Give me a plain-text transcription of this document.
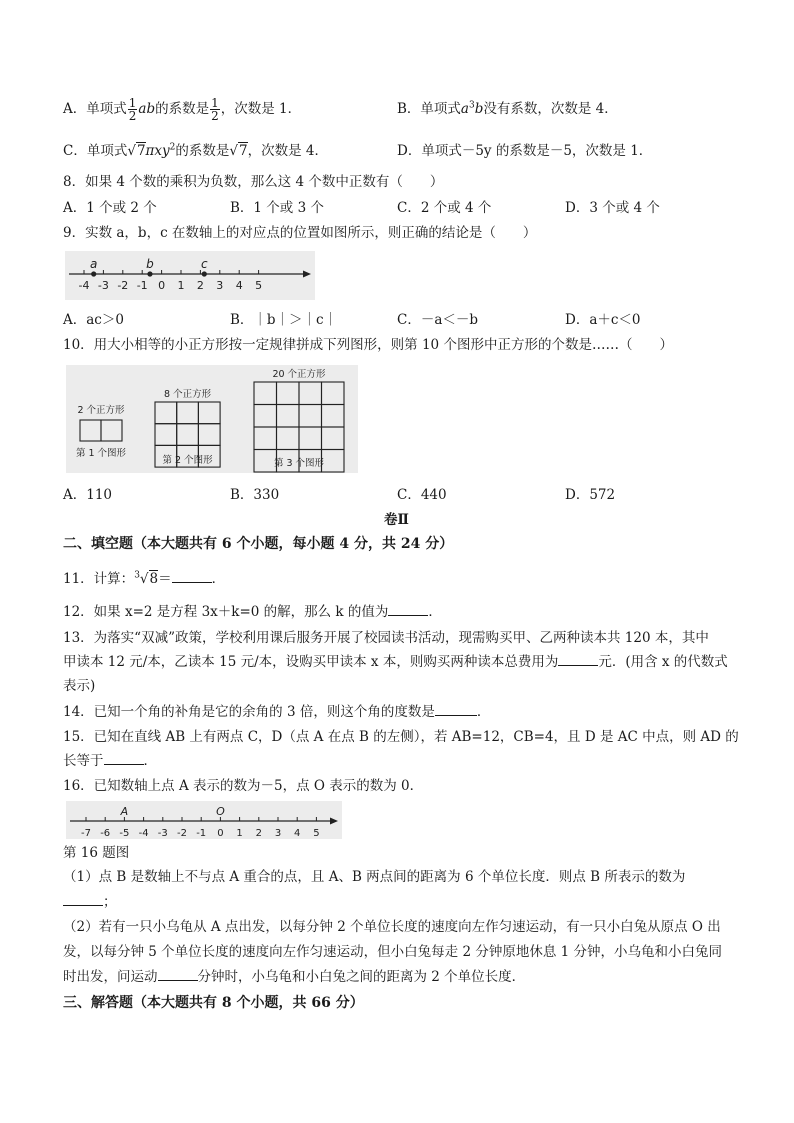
A．单项式 $\frac{1}{2}$ ab的系数是 $\frac{1}{2}$ ，次数是 1．	B．单项式$a^3b$没有系数，次数是 4．
C．单项式√7πxy$^2$的系数是√7，次数是 4．	D．单项式－5y 的系数是－5，次数是 1．
8．如果 4 个数的乘积为负数，那么这 4 个数中正数有（　　）
A．1 个或 2 个	B．1 个或 3 个	C．2 个或 4 个	D．3 个或 4 个
9．实数 a，b，c 在数轴上的对应点的位置如图所示，则正确的结论是（　　）
-4 -3 -2 -1 0 1 2 3 4 5
a	b	c
A．ac＞0	B．｜b｜＞｜c｜	C．－a＜－b	D．a＋c＜0
10．用大小相等的小正方形按一定规律拼成下列图形，则第 10 个图形中正方形的个数是……（　　）
2 个正方形
第 1 个图形
8 个正方形
第 2 个图形
20 个正方形
第 3 个图形
A．110	B．330	C．440	D．572
卷Ⅱ
二、填空题（本大题共有 6 个小题，每小题 4 分，共 24 分）
11．计算：$^3$√8＝	．
12．如果 x=2 是方程 3x＋k=0 的解，那么 k 的值为	．
13．为落实“双减”政策，学校利用课后服务开展了校园读书活动，现需购买甲、乙两种读本共 120 本，其中
甲读本 12 元/本，乙读本 15 元/本，设购买甲读本 x 本，则购买两种读本总费用为	元．(用含 x 的代数式
表示)
14．已知一个角的补角是它的余角的 3 倍，则这个角的度数是	．
15．已知在直线 AB 上有两点 C，D（点 A 在点 B 的左侧），若 AB=12，CB=4，且 D 是 AC 中点，则 AD 的
长等于	．
16．已知数轴上点 A 表示的数为－5，点 O 表示的数为 0．
-7 -6 -5 -4 -3 -2 -1 0 1 2 3 4 5
A	O
第 16 题图
（1）点 B 是数轴上不与点 A 重合的点，且 A、B 两点间的距离为 6 个单位长度．则点 B 所表示的数为
；
（2）若有一只小乌龟从 A 点出发，以每分钟 2 个单位长度的速度向左作匀速运动，有一只小白兔从原点 O 出
发，以每分钟 5 个单位长度的速度向左作匀速运动，但小白兔每走 2 分钟原地休息 1 分钟，小乌龟和小白兔同
时出发，问运动	分钟时，小乌龟和小白兔之间的距离为 2 个单位长度．
三、解答题（本大题共有 8 个小题，共 66 分）
